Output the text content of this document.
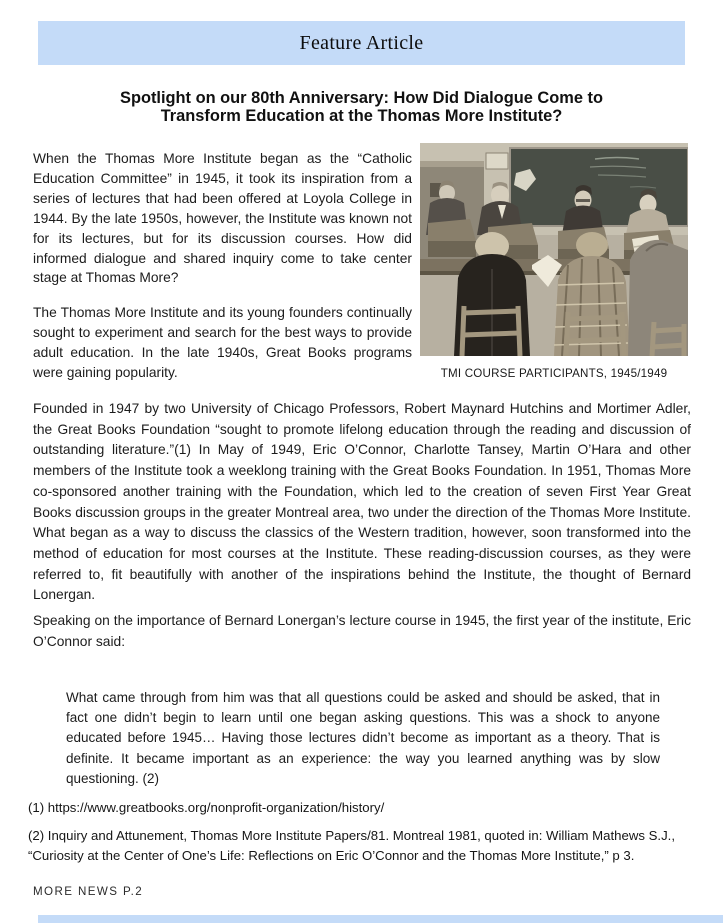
Feature Article
Spotlight on our 80th Anniversary: How Did Dialogue Come to
Transform Education at the Thomas More Institute?

When the Thomas More Institute began as the “Catholic Education Committee” in 1945, it took its inspiration from a series of lectures that had been offered at Loyola College in 1944. By the late 1950s, however, the Institute was known not for its lectures, but for its discussion courses. How did informed dialogue and shared inquiry come to take center stage at Thomas More?

The Thomas More Institute and its young founders continually sought to experiment and search for the best ways to provide adult education. In the late 1940s, Great Books programs were gaining popularity.	TMI COURSE PARTICIPANTS, 1945/1949

Founded in 1947 by two University of Chicago Professors, Robert Maynard Hutchins and Mortimer Adler, the Great Books Foundation “sought to promote lifelong education through the reading and discussion of outstanding literature.”(1) In May of 1949, Eric O’Connor, Charlotte Tansey, Martin O’Hara and other members of the Institute took a weeklong training with the Great Books Foundation. In 1951, Thomas More co-sponsored another training with the Foundation, which led to the creation of seven First Year Great Books discussion groups in the greater Montreal area, two under the direction of the Thomas More Institute. What began as a way to discuss the classics of the Western tradition, however, soon transformed into the method of education for most courses at the Institute. These reading-discussion courses, as they were referred to, fit beautifully with another of the inspirations behind the Institute, the thought of Bernard Lonergan.

Speaking on the importance of Bernard Lonergan’s lecture course in 1945, the first year of the institute, Eric O’Connor said:

What came through from him was that all questions could be asked and should be asked, that in fact one didn’t begin to learn until one began asking questions. This was a shock to anyone educated before 1945… Having those lectures didn’t become as important as a theory. That is definite. It became important as an experience: the way you learned anything was by slow questioning. (2)

(1) https://www.greatbooks.org/nonprofit-organization/history/

(2) Inquiry and Attunement, Thomas More Institute Papers/81. Montreal 1981, quoted in: William Mathews S.J., “Curiosity at the Center of One’s Life: Reflections on Eric O’Connor and the Thomas More Institute,” p 3.

MORE NEWS P.2
